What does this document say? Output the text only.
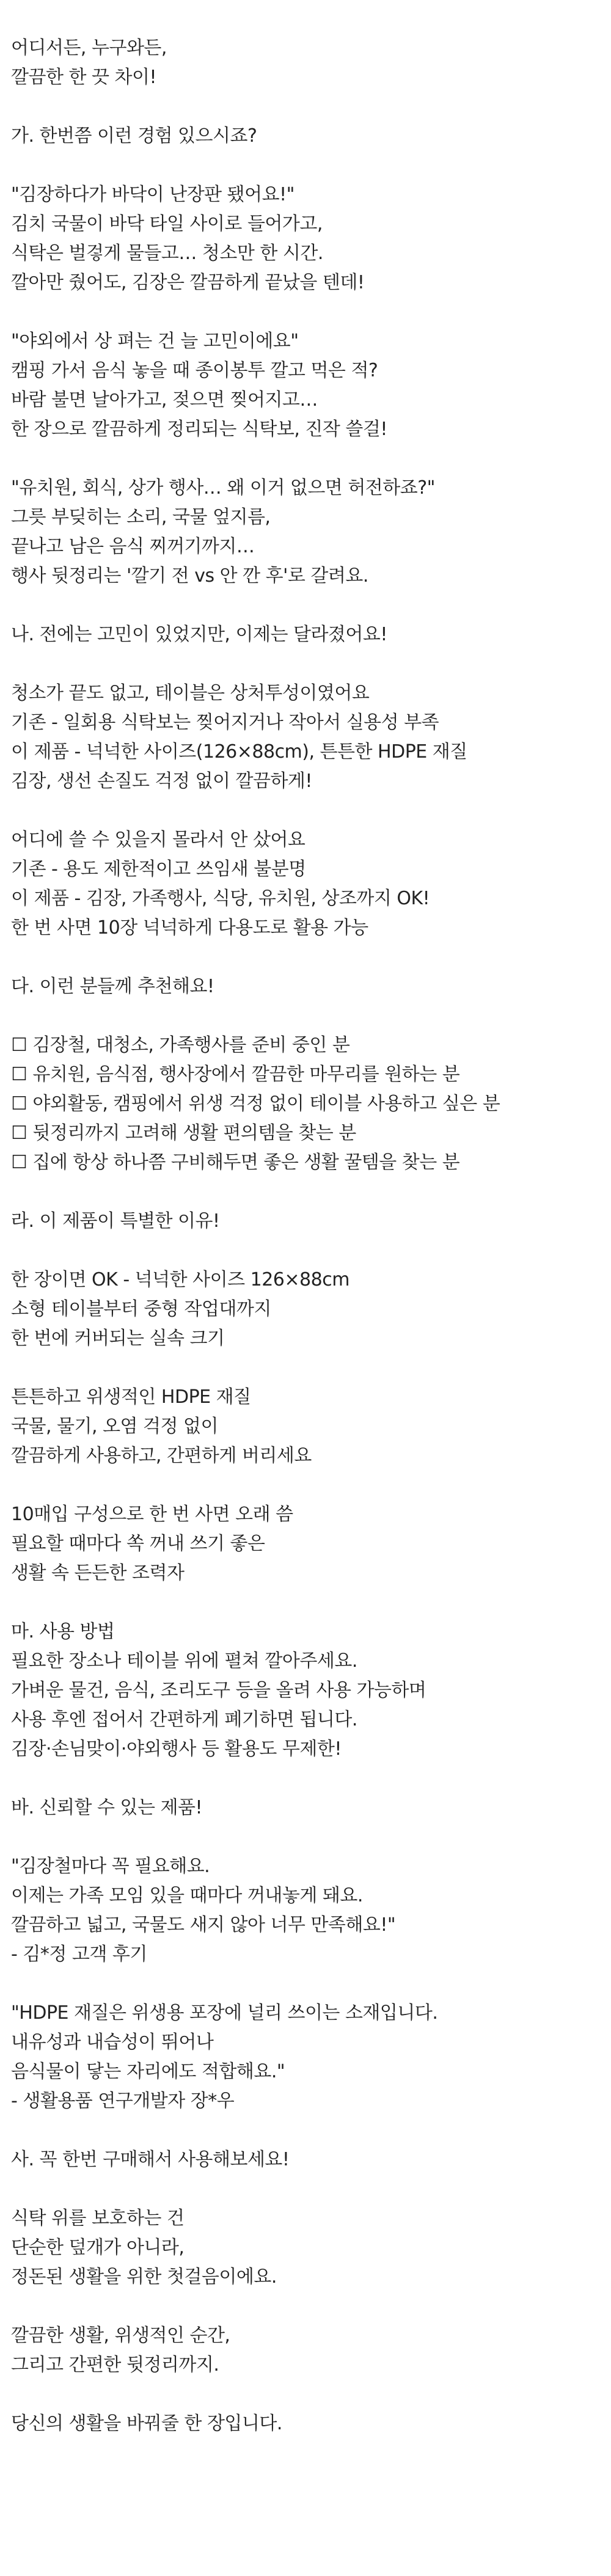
어디서든, 누구와든,
깔끔한 한 끗 차이!
가. 한번쯤 이런 경험 있으시죠?
"김장하다가 바닥이 난장판 됐어요!"
김치 국물이 바닥 타일 사이로 들어가고,
식탁은 벌겋게 물들고… 청소만 한 시간.
깔아만 줬어도, 김장은 깔끔하게 끝났을 텐데!
"야외에서 상 펴는 건 늘 고민이에요"
캠핑 가서 음식 놓을 때 종이봉투 깔고 먹은 적?
바람 불면 날아가고, 젖으면 찢어지고…
한 장으로 깔끔하게 정리되는 식탁보, 진작 쓸걸!
"유치원, 회식, 상가 행사… 왜 이거 없으면 허전하죠?"
그릇 부딪히는 소리, 국물 엎지름,
끝나고 남은 음식 찌꺼기까지…
행사 뒷정리는 '깔기 전 vs 안 깐 후'로 갈려요.
나. 전에는 고민이 있었지만, 이제는 달라졌어요!
청소가 끝도 없고, 테이블은 상처투성이였어요
기존 - 일회용 식탁보는 찢어지거나 작아서 실용성 부족
이 제품 - 넉넉한 사이즈(126×88cm), 튼튼한 HDPE 재질
김장, 생선 손질도 걱정 없이 깔끔하게!
어디에 쓸 수 있을지 몰라서 안 샀어요
기존 - 용도 제한적이고 쓰임새 불분명
이 제품 - 김장, 가족행사, 식당, 유치원, 상조까지 OK!
한 번 사면 10장 넉넉하게 다용도로 활용 가능
다. 이런 분들께 추천해요!
☐ 김장철, 대청소, 가족행사를 준비 중인 분
☐ 유치원, 음식점, 행사장에서 깔끔한 마무리를 원하는 분
☐ 야외활동, 캠핑에서 위생 걱정 없이 테이블 사용하고 싶은 분
☐ 뒷정리까지 고려해 생활 편의템을 찾는 분
☐ 집에 항상 하나쯤 구비해두면 좋은 생활 꿀템을 찾는 분
라. 이 제품이 특별한 이유!
한 장이면 OK - 넉넉한 사이즈 126×88cm
소형 테이블부터 중형 작업대까지
한 번에 커버되는 실속 크기
튼튼하고 위생적인 HDPE 재질
국물, 물기, 오염 걱정 없이
깔끔하게 사용하고, 간편하게 버리세요
10매입 구성으로 한 번 사면 오래 씀
필요할 때마다 쏙 꺼내 쓰기 좋은
생활 속 든든한 조력자
마. 사용 방법
필요한 장소나 테이블 위에 펼쳐 깔아주세요.
가벼운 물건, 음식, 조리도구 등을 올려 사용 가능하며
사용 후엔 접어서 간편하게 폐기하면 됩니다.
김장·손님맞이·야외행사 등 활용도 무제한!
바. 신뢰할 수 있는 제품!
"김장철마다 꼭 필요해요.
이제는 가족 모임 있을 때마다 꺼내놓게 돼요.
깔끔하고 넓고, 국물도 새지 않아 너무 만족해요!"
- 김*정 고객 후기
"HDPE 재질은 위생용 포장에 널리 쓰이는 소재입니다.
내유성과 내습성이 뛰어나
음식물이 닿는 자리에도 적합해요."
- 생활용품 연구개발자 장*우
사. 꼭 한번 구매해서 사용해보세요!
식탁 위를 보호하는 건
단순한 덮개가 아니라,
정돈된 생활을 위한 첫걸음이에요.
깔끔한 생활, 위생적인 순간,
그리고 간편한 뒷정리까지.
당신의 생활을 바꿔줄 한 장입니다.
